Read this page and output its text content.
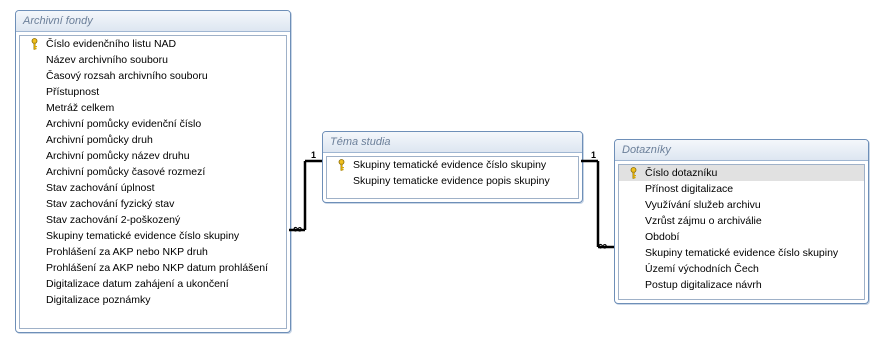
Archivní fondy
Číslo evidenčního listu NAD
Název archivního souboru
Časový rozsah archivního souboru
Přístupnost
Metráž celkem
Archivní pomůcky evidenční číslo
Archivní pomůcky druh
Archivní pomůcky název druhu
Archivní pomůcky časové rozmezí
Stav zachování úplnost
Stav zachování fyzický stav
Stav zachování 2-poškozený
Skupiny tematické evidence číslo skupiny
Prohlášení za AKP nebo NKP druh
Prohlášení za AKP nebo NKP datum prohlášení
Digitalizace datum zahájení a ukončení
Digitalizace poznámky
Téma studia
Skupiny tematické evidence číslo skupiny
Skupiny tematicke evidence popis skupiny
Dotazníky
Číslo dotazníku
Přínost digitalizace
Využívání služeb archivu
Vzrůst zájmu o archiválie
Období
Skupiny tematické evidence číslo skupiny
Území východních Čech
Postup digitalizace návrh
1
∞
1
∞
